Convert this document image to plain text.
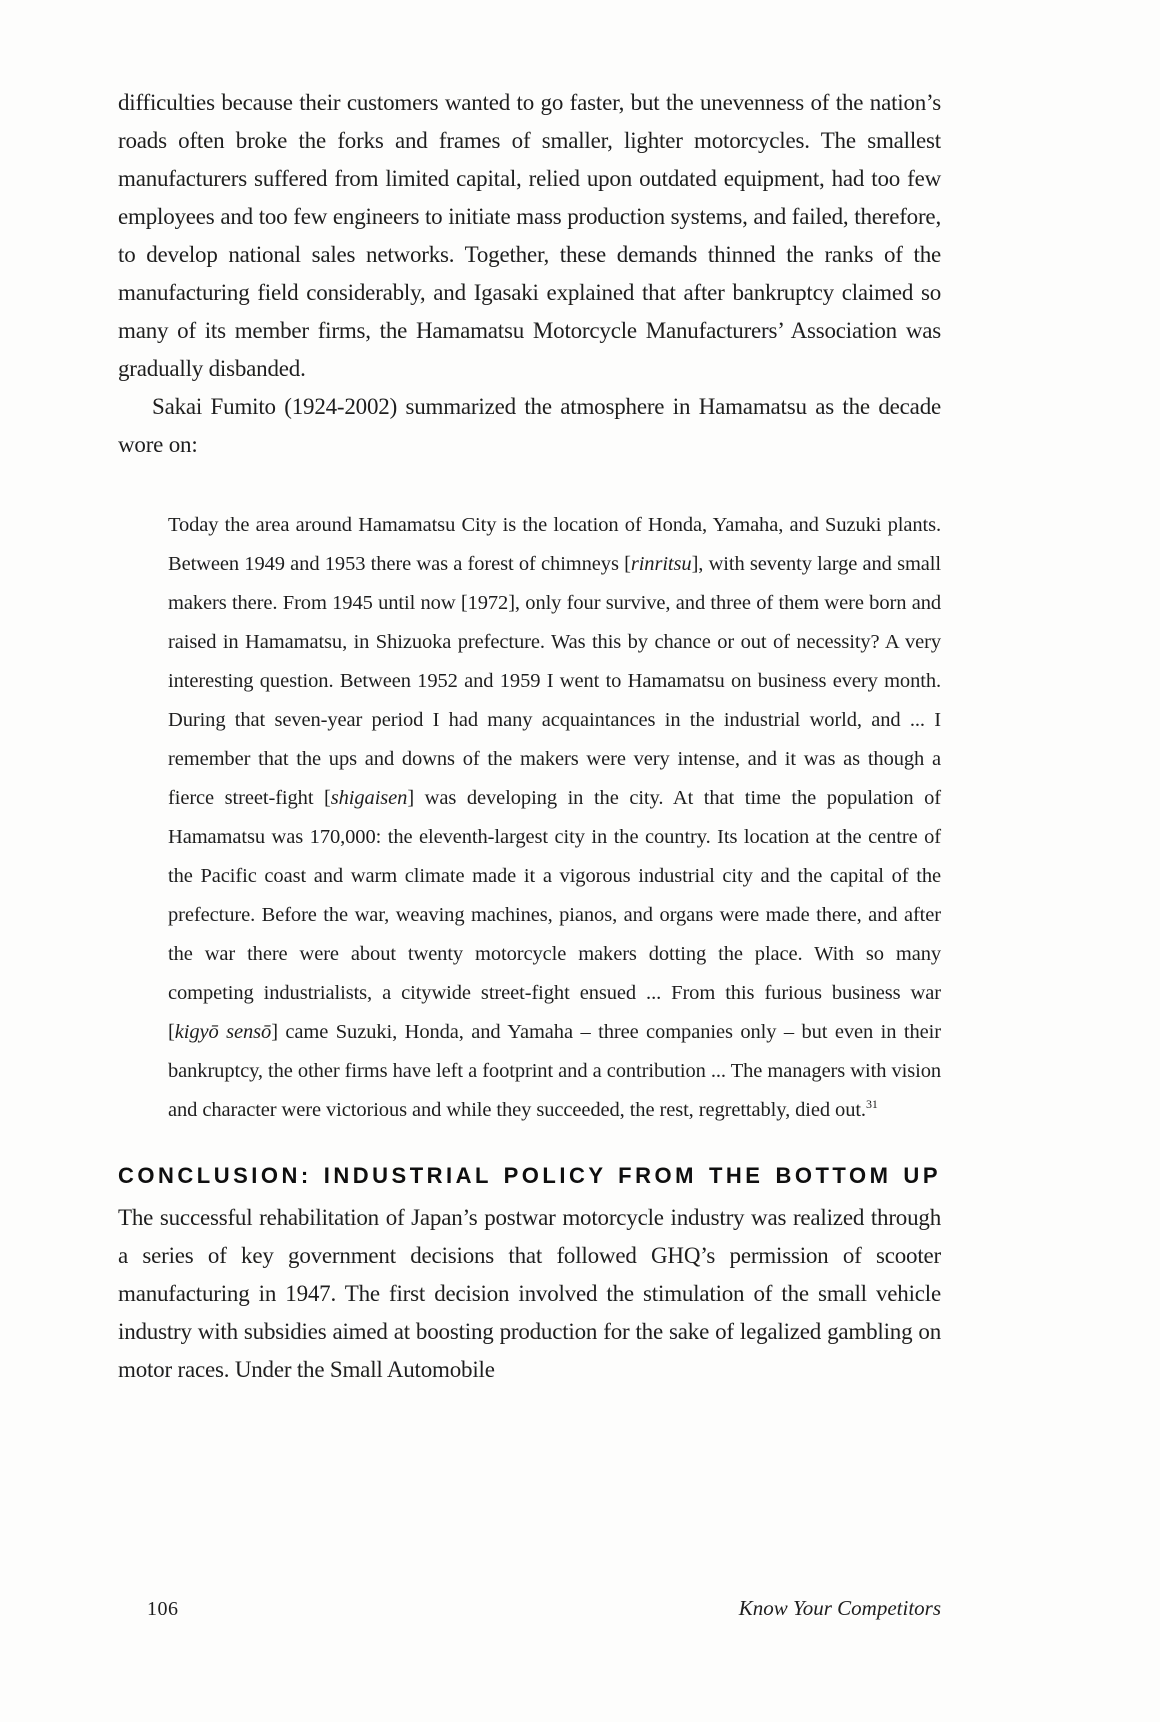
difficulties because their customers wanted to go faster, but the unevenness of the nation’s roads often broke the forks and frames of smaller, lighter motorcycles. The smallest manufacturers suffered from limited capital, relied upon outdated equipment, had too few employees and too few engineers to initiate mass production systems, and failed, therefore, to develop national sales networks. Together, these demands thinned the ranks of the manufacturing field considerably, and Igasaki explained that after bankruptcy claimed so many of its member firms, the Hamamatsu Motorcycle Manufacturers’ Association was gradually disbanded.

Sakai Fumito (1924-2002) summarized the atmosphere in Hamamatsu as the decade wore on:

Today the area around Hamamatsu City is the location of Honda, Yamaha, and Suzuki plants. Between 1949 and 1953 there was a forest of chimneys [rinritsu], with seventy large and small makers there. From 1945 until now [1972], only four survive, and three of them were born and raised in Hamamatsu, in Shizuoka prefecture. Was this by chance or out of necessity? A very interesting question. Between 1952 and 1959 I went to Hamamatsu on business every month. During that seven-year period I had many acquaintances in the industrial world, and ... I remember that the ups and downs of the makers were very intense, and it was as though a fierce street-fight [shigaisen] was developing in the city. At that time the population of Hamamatsu was 170,000: the eleventh-largest city in the country. Its location at the centre of the Pacific coast and warm climate made it a vigorous industrial city and the capital of the prefecture. Before the war, weaving machines, pianos, and organs were made there, and after the war there were about twenty motorcycle makers dotting the place. With so many competing industrialists, a citywide street-fight ensued ... From this furious business war [kigyō sensō] came Suzuki, Honda, and Yamaha – three companies only – but even in their bankruptcy, the other firms have left a footprint and a contribution ... The managers with vision and character were victorious and while they succeeded, the rest, regrettably, died out.$^{31}$
CONCLUSION: INDUSTRIAL POLICY FROM THE BOTTOM UP

The successful rehabilitation of Japan’s postwar motorcycle industry was realized through a series of key government decisions that followed GHQ’s permission of scooter manufacturing in 1947. The first decision involved the stimulation of the small vehicle industry with subsidies aimed at boosting production for the sake of legalized gambling on motor races. Under the Small Automobile

106	Know Your Competitors
